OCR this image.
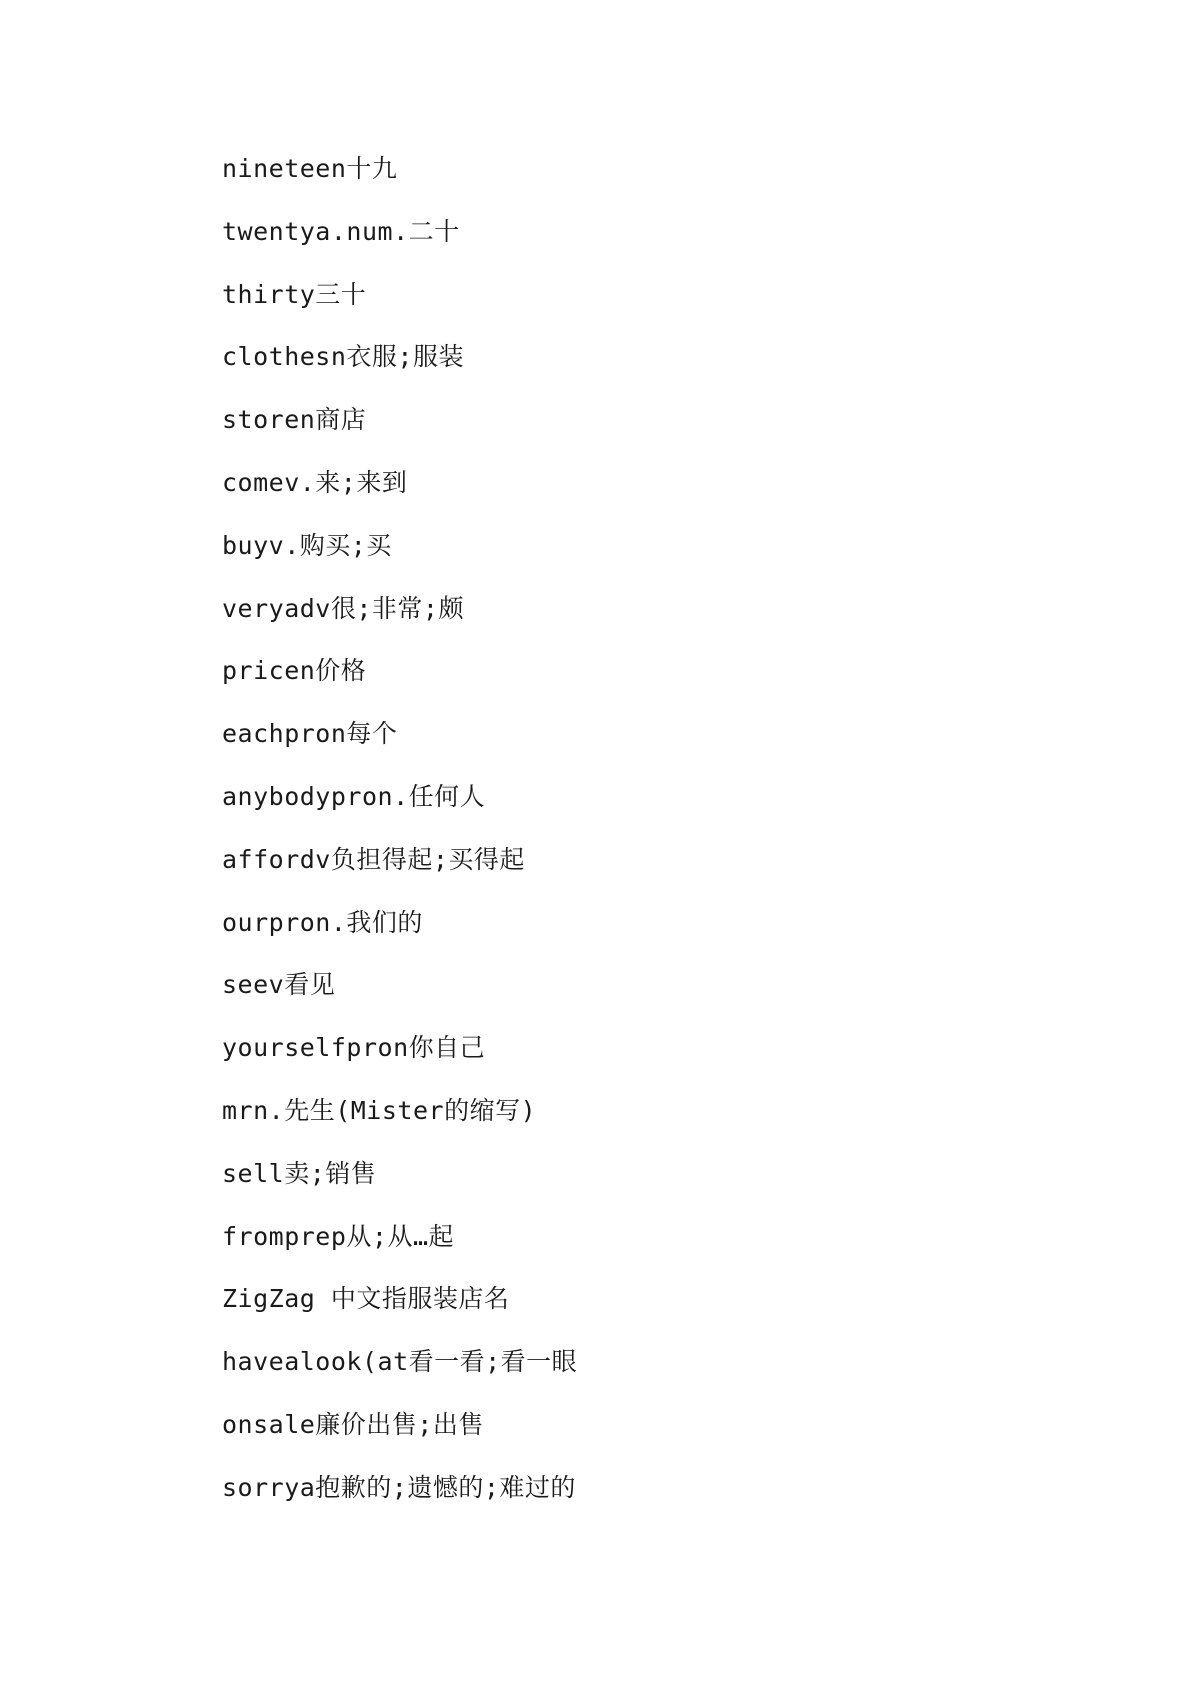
nineteen十九
twentya.num.二十
thirty三十
clothesn衣服;服装
storen商店
comev.来;来到
buyv.购买;买
veryadv很;非常;颇
pricen价格
eachpron每个
anybodypron.任何人
affordv负担得起;买得起
ourpron.我们的
seev看见
yourselfpron你自己
mrn.先生(Mister的缩写)
sell卖;销售
fromprep从;从…起
ZigZag 中文指服装店名
havealook(at看一看;看一眼
onsale廉价出售;出售
sorrya抱歉的;遗憾的;难过的
